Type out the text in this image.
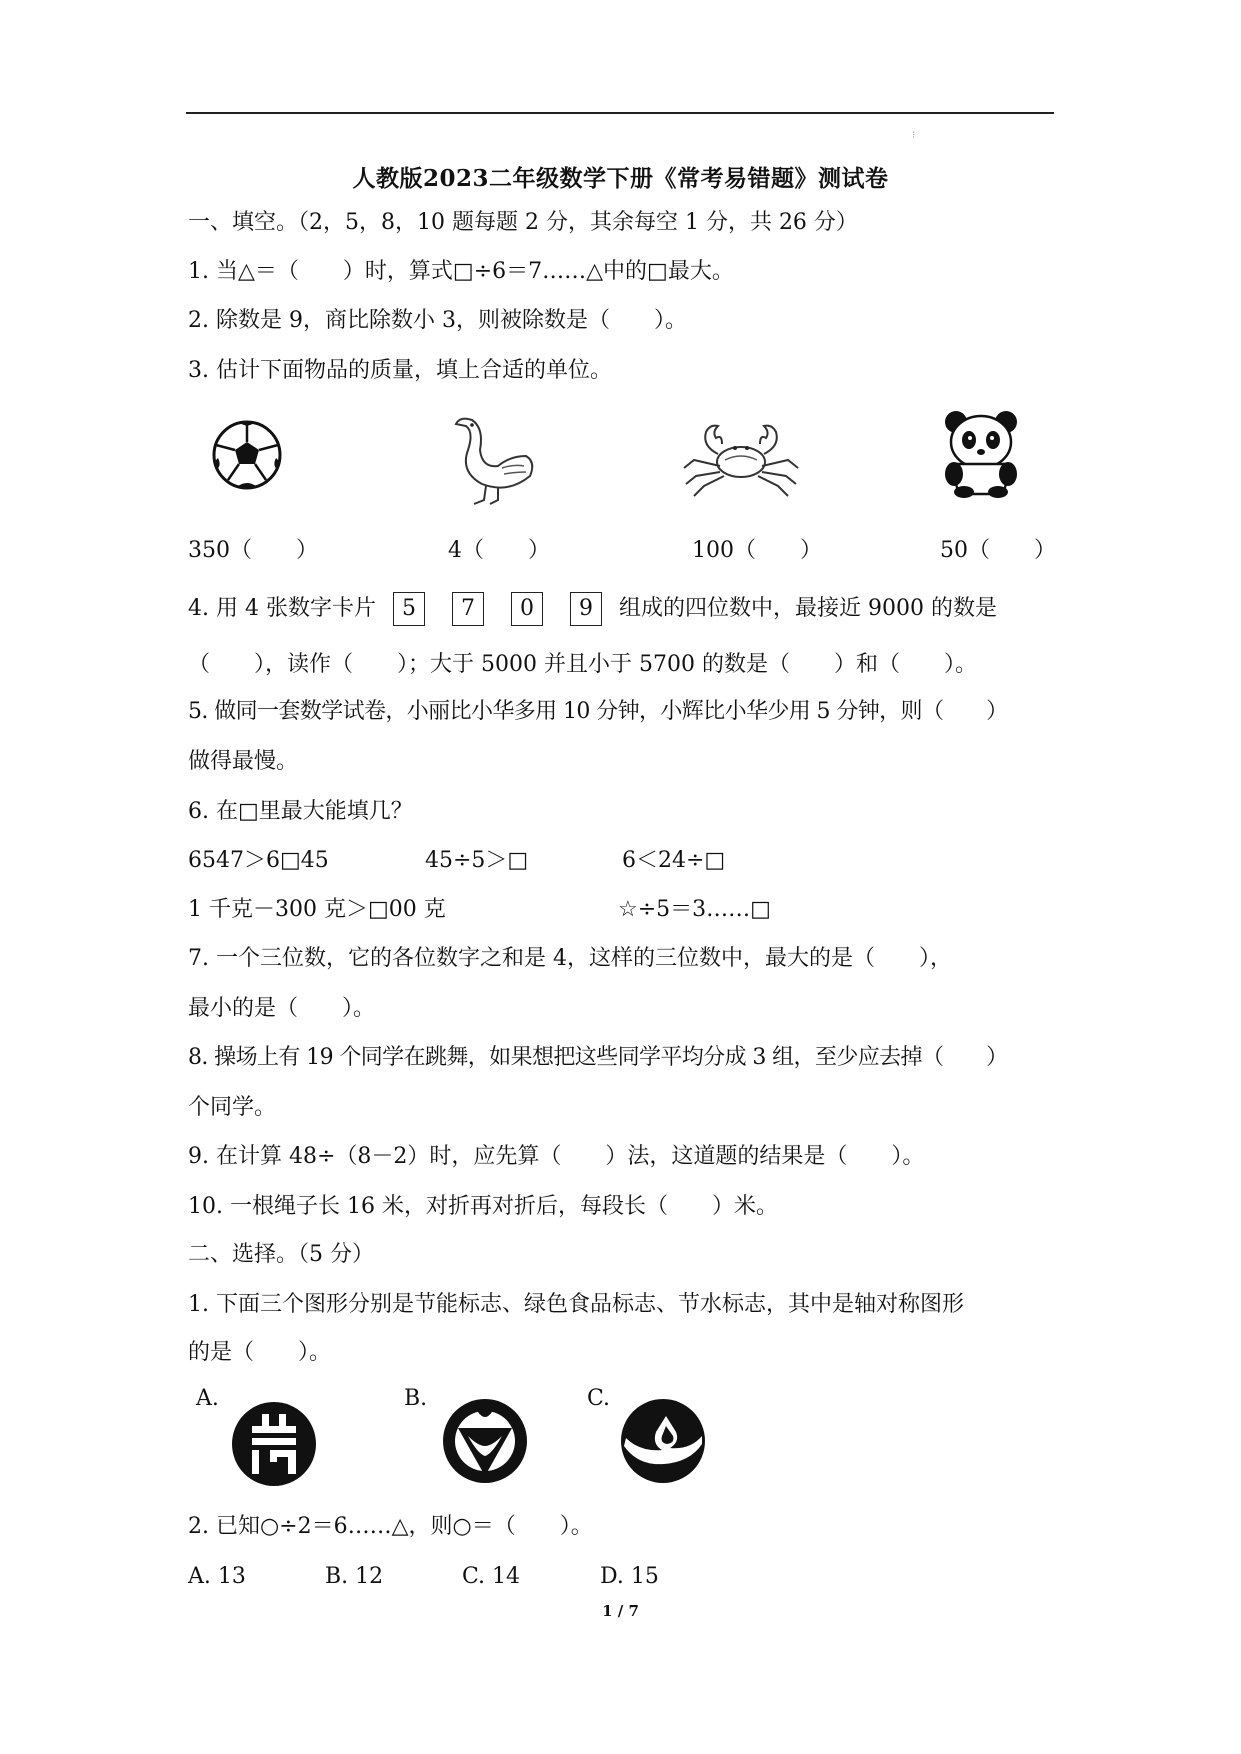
⁝
人教版2023二年级数学下册《常考易错题》测试卷
一、填空。（2，5，8，10 题每题 2 分，其余每空 1 分，共 26 分）
1. 当△＝（　　）时，算式□÷6＝7……△中的□最大。
2. 除数是 9，商比除数小 3，则被除数是（　　）。
3. 估计下面物品的质量，填上合适的单位。
350（　　）	4（　　）	100（　　）	50（　　）
4. 用 4 张数字卡片 5 7 0 9 组成的四位数中，最接近 9000 的数是
（　　），读作（　　）；大于 5000 并且小于 5700 的数是（　　）和（　　）。
5. 做同一套数学试卷，小丽比小华多用 10 分钟，小辉比小华少用 5 分钟，则（　　）
做得最慢。
6. 在□里最大能填几？
6547＞6□45	45÷5＞□	6＜24÷□
1 千克－300 克＞□00 克	☆÷5＝3……□
7. 一个三位数，它的各位数字之和是 4，这样的三位数中，最大的是（　　），
最小的是（　　）。
8. 操场上有 19 个同学在跳舞，如果想把这些同学平均分成 3 组，至少应去掉（　　）
个同学。
9. 在计算 48÷（8－2）时，应先算（　　）法，这道题的结果是（　　）。
10. 一根绳子长 16 米，对折再对折后，每段长（　　）米。
二、选择。（5 分）
1. 下面三个图形分别是节能标志、绿色食品标志、节水标志，其中是轴对称图形
的是（　　）。
A.	B.	C.
2. 已知○÷2＝6……△，则○＝（　　）。
A. 13	B. 12	C. 14	D. 15
1 / 7
